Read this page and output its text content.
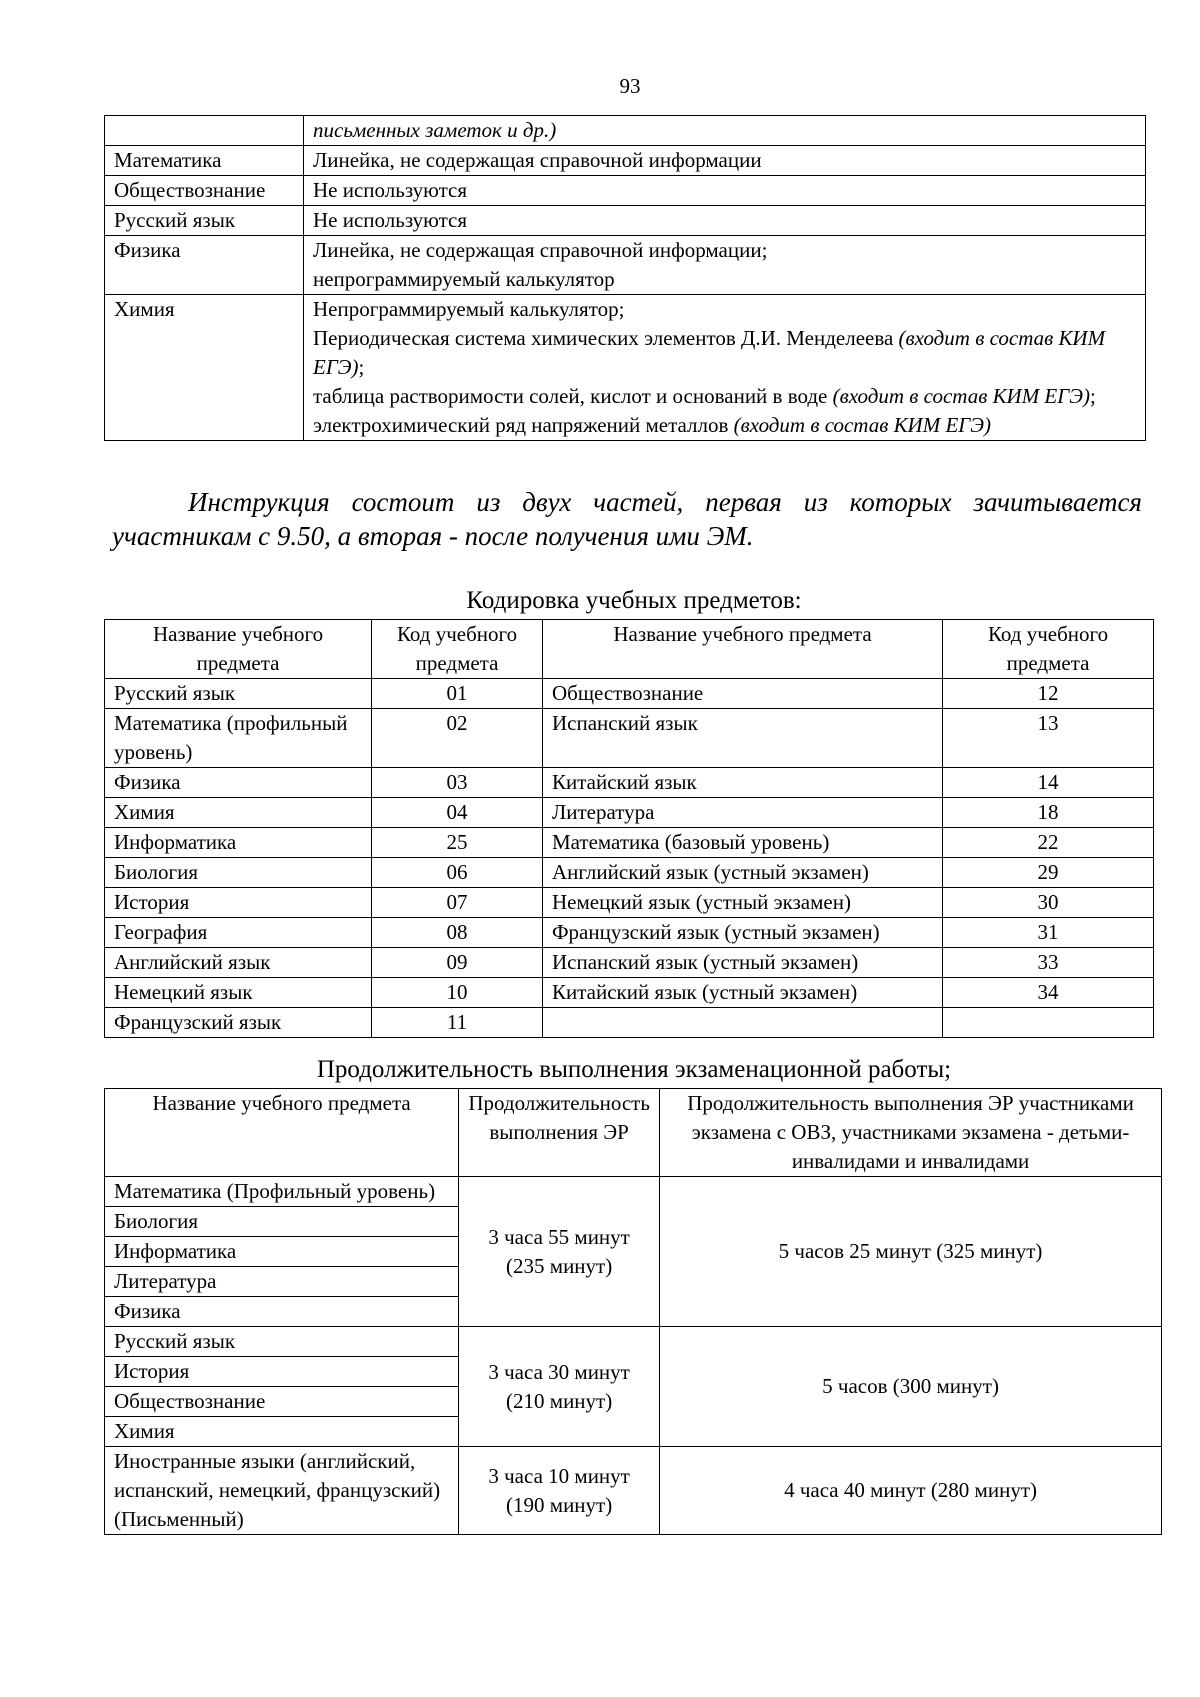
93
	письменных заметок и др.)
Математика	Линейка, не содержащая справочной информации
Обществознание	Не используются
Русский язык	Не используются
Физика	Линейка, не содержащая справочной информации;
непрограммируемый калькулятор
Химия	Непрограммируемый калькулятор;
Периодическая система химических элементов Д.И. Менделеева (входит в состав КИМ ЕГЭ);
таблица растворимости солей, кислот и оснований в воде (входит в состав КИМ ЕГЭ);
электрохимический ряд напряжений металлов (входит в состав КИМ ЕГЭ)
Инструкция состоит из двух частей, первая из которых зачитывается
участникам с 9.50, а вторая - после получения ими ЭМ.
Кодировка учебных предметов:
Название учебного предмета	Код учебного предмета	Название учебного предмета	Код учебного предмета
Русский язык	01	Обществознание	12
Математика (профильный уровень)	02	Испанский язык	13
Физика	03	Китайский язык	14
Химия	04	Литература	18
Информатика	25	Математика (базовый уровень)	22
Биология	06	Английский язык (устный экзамен)	29
История	07	Немецкий язык (устный экзамен)	30
География	08	Французский язык (устный экзамен)	31
Английский язык	09	Испанский язык (устный экзамен)	33
Немецкий язык	10	Китайский язык (устный экзамен)	34
Французский язык	11		
Продолжительность выполнения экзаменационной работы;
Название учебного предмета	Продолжительность выполнения ЭР	Продолжительность выполнения ЭР участниками экзамена с ОВЗ, участниками экзамена - детьми-инвалидами и инвалидами
Математика (Профильный уровень)	3 часа 55 минут (235 минут)	5 часов 25 минут (325 минут)
Биология		
Информатика		
Литература		
Физика		
Русский язык	3 часа 30 минут (210 минут)	5 часов (300 минут)
История		
Обществознание		
Химия		
Иностранные языки (английский, испанский, немецкий, французский) (Письменный)	3 часа 10 минут (190 минут)	4 часа 40 минут (280 минут)
